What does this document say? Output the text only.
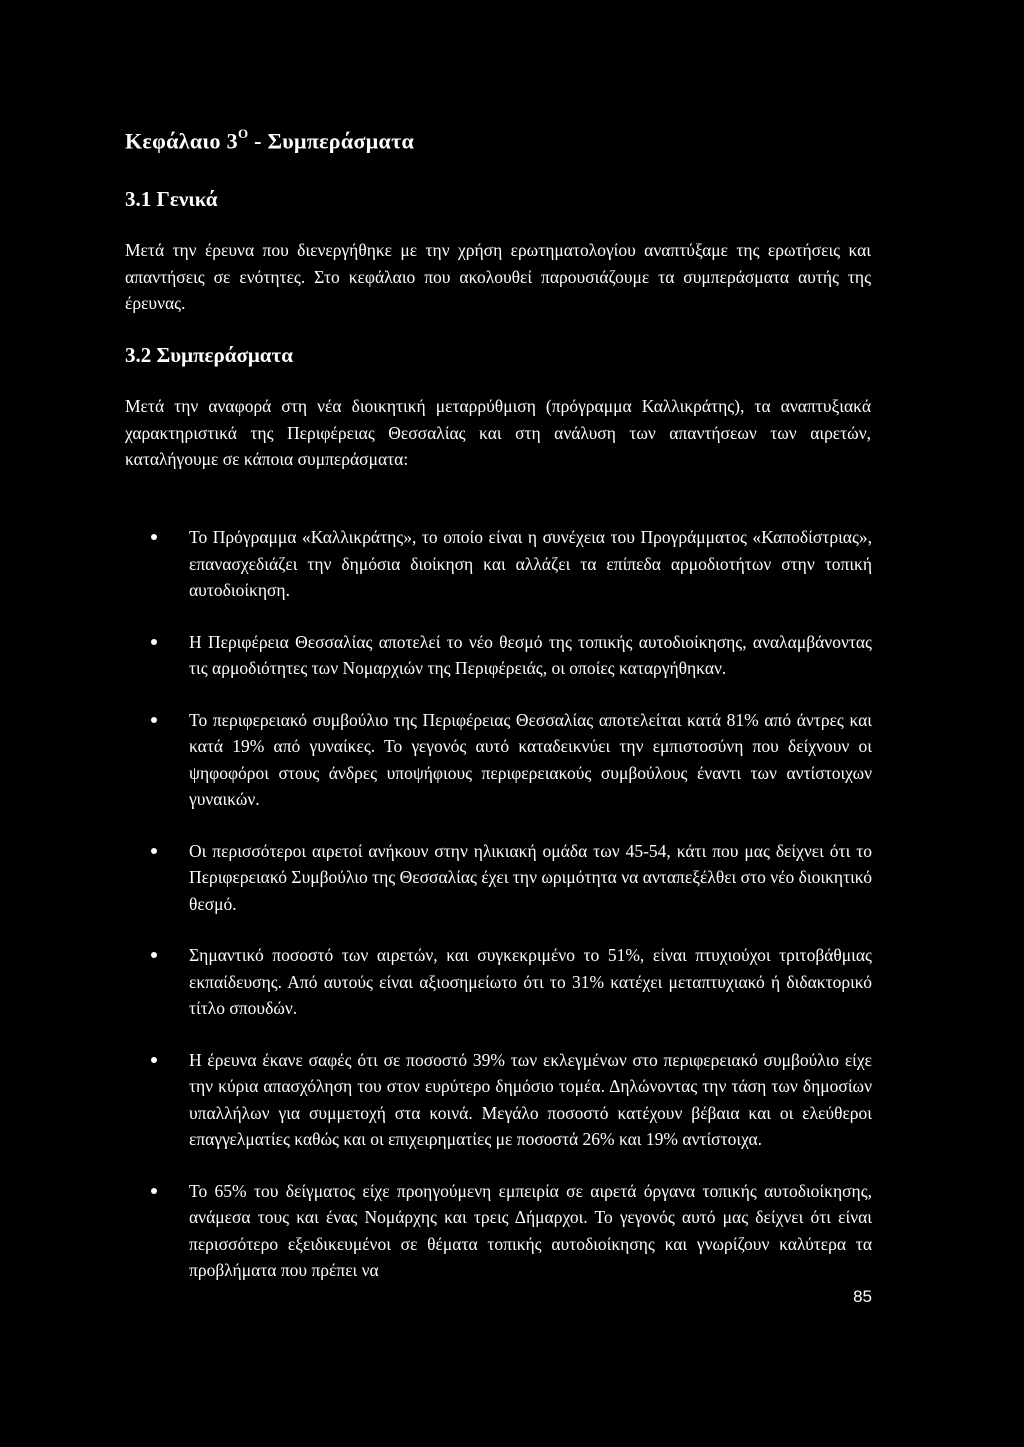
Κεφάλαιο $3^O$ - Συμπεράσματα
3.1 Γενικά

Μετά την έρευνα που διενεργήθηκε με την χρήση ερωτηματολογίου αναπτύξαμε της ερωτήσεις και απαντήσεις σε ενότητες. Στο κεφάλαιο που ακολουθεί παρουσιάζουμε τα συμπεράσματα αυτής της έρευνας.

3.2 Συμπεράσματα

Μετά την αναφορά στη νέα διοικητική μεταρρύθμιση (πρόγραμμα Καλλικράτης), τα αναπτυξιακά χαρακτηριστικά της Περιφέρειας Θεσσαλίας και στη ανάλυση των απαντήσεων των αιρετών, καταλήγουμε σε κάποια συμπεράσματα:

Το Πρόγραμμα «Καλλικράτης», το οποίο είναι η συνέχεια του Προγράμματος «Καποδίστριας», επανασχεδιάζει την δημόσια διοίκηση και αλλάζει τα επίπεδα αρμοδιοτήτων στην τοπική αυτοδιοίκηση.
Η Περιφέρεια Θεσσαλίας αποτελεί το νέο θεσμό της τοπικής αυτοδιοίκησης, αναλαμβάνοντας τις αρμοδιότητες των Νομαρχιών της Περιφέρειάς, οι οποίες καταργήθηκαν.
Το περιφερειακό συμβούλιο της Περιφέρειας Θεσσαλίας αποτελείται κατά 81% από άντρες και κατά 19% από γυναίκες. Το γεγονός αυτό καταδεικνύει την εμπιστοσύνη που δείχνουν οι ψηφοφόροι στους άνδρες υποψήφιους περιφερειακούς συμβούλους έναντι των αντίστοιχων γυναικών.
Οι περισσότεροι αιρετοί ανήκουν στην ηλικιακή ομάδα των 45-54, κάτι που μας δείχνει ότι το Περιφερειακό Συμβούλιο της Θεσσαλίας έχει την ωριμότητα να ανταπεξέλθει στο νέο διοικητικό θεσμό.
Σημαντικό ποσοστό των αιρετών, και συγκεκριμένο το 51%, είναι πτυχιούχοι τριτοβάθμιας εκπαίδευσης. Από αυτούς είναι αξιοσημείωτο ότι το 31% κατέχει μεταπτυχιακό ή διδακτορικό τίτλο σπουδών.
Η έρευνα έκανε σαφές ότι σε ποσοστό 39% των εκλεγμένων στο περιφερειακό συμβούλιο είχε την κύρια απασχόληση του στον ευρύτερο δημόσιο τομέα. Δηλώνοντας την τάση των δημοσίων υπαλλήλων για συμμετοχή στα κοινά. Μεγάλο ποσοστό κατέχουν βέβαια και οι ελεύθεροι επαγγελματίες καθώς και οι επιχειρηματίες με ποσοστά 26% και 19% αντίστοιχα.
Το 65% του δείγματος είχε προηγούμενη εμπειρία σε αιρετά όργανα τοπικής αυτοδιοίκησης, ανάμεσα τους και ένας Νομάρχης και τρεις Δήμαρχοι. Το γεγονός αυτό μας δείχνει ότι είναι περισσότερο εξειδικευμένοι σε θέματα τοπικής αυτοδιοίκησης και γνωρίζουν καλύτερα τα προβλήματα που πρέπει να
85
